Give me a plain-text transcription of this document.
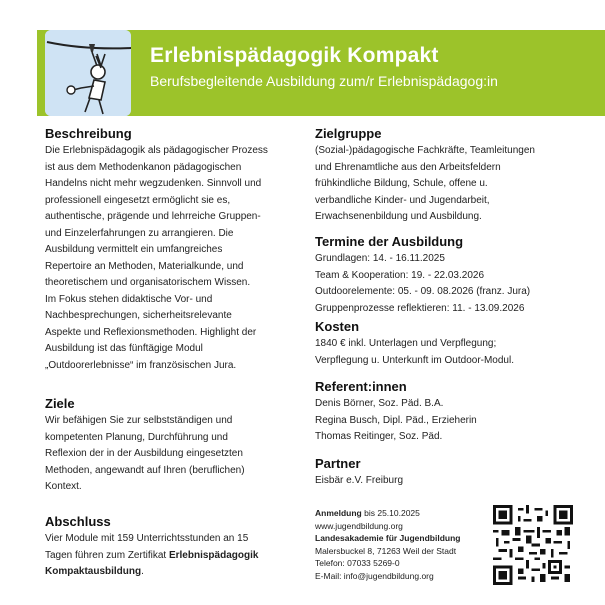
Erlebnispädagogik Kompakt
Berufsbegleitende Ausbildung zum/r Erlebnispädagog:in
Beschreibung

Die Erlebnispädagogik als pädagogischer Prozess
ist aus dem Methodenkanon pädagogischen
Handelns nicht mehr wegzudenken. Sinnvoll und
professionell eingesetzt ermöglicht sie es,
authentische, prägende und lehrreiche Gruppen-
und Einzelerfahrungen zu arrangieren. Die
Ausbildung vermittelt ein umfangreiches
Repertoire an Methoden, Materialkunde, und
theoretischem und organisatorischem Wissen.
Im Fokus stehen didaktische Vor- und
Nachbesprechungen, sicherheitsrelevante
Aspekte und Reflexionsmethoden. Highlight der
Ausbildung ist das fünftägige Modul
„Outdoorerlebnisse“ im französischen Jura.

Ziele

Wir befähigen Sie zur selbstständigen und
kompetenten Planung, Durchführung und
Reflexion der in der Ausbildung eingesetzten
Methoden, angewandt auf Ihren (beruflichen)
Kontext.

Abschluss

Vier Module mit 159 Unterrichtsstunden an 15
Tagen führen zum Zertifikat Erlebnispädagogik
Kompaktausbildung.

Zielgruppe

(Sozial-)pädagogische Fachkräfte, Teamleitungen
und Ehrenamtliche aus den Arbeitsfeldern
frühkindliche Bildung, Schule, offene u.
verbandliche Kinder- und Jugendarbeit,
Erwachsenenbildung und Ausbildung.

Termine der Ausbildung

Grundlagen: 14. - 16.11.2025
Team & Kooperation: 19. - 22.03.2026
Outdoorelemente: 05. - 09. 08.2026 (franz. Jura)
Gruppenprozesse reflektieren: 11. - 13.09.2026

Kosten

1840 € inkl. Unterlagen und Verpflegung;
Verpflegung u. Unterkunft im Outdoor-Modul.

Referent:innen

Denis Börner, Soz. Päd. B.A.
Regina Busch, Dipl. Päd., Erzieherin
Thomas Reitinger, Soz. Päd.

Partner

Eisbär e.V. Freiburg

Anmeldung bis 25.10.2025
www.jugendbildung.org
Landesakademie für Jugendbildung
Malersbuckel 8, 71263 Weil der Stadt
Telefon: 07033 5269-0
E-Mail: info@jugendbildung.org
